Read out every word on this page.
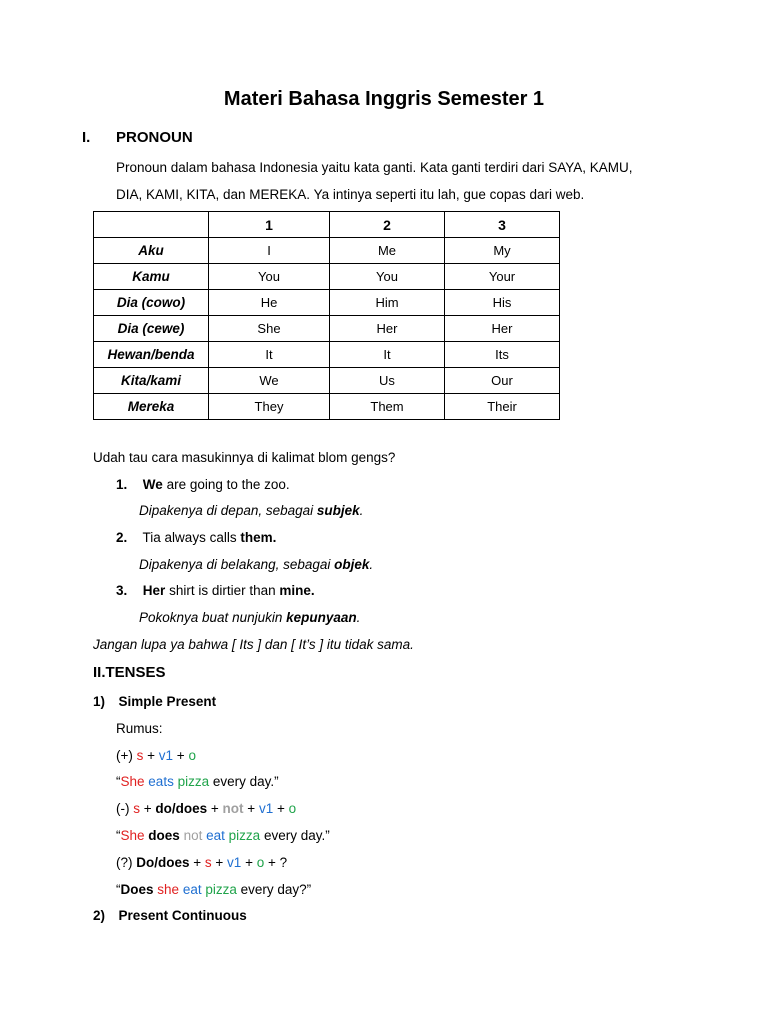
Materi Bahasa Inggris Semester 1
I. PRONOUN
Pronoun dalam bahasa Indonesia yaitu kata ganti. Kata ganti terdiri dari SAYA, KAMU,
DIA, KAMI, KITA, dan MEREKA. Ya intinya seperti itu lah, gue copas dari web.
	1	2	3
Aku	I	Me	My
Kamu	You	You	Your
Dia (cowo)	He	Him	His
Dia (cewe)	She	Her	Her
Hewan/benda	It	It	Its
Kita/kami	We	Us	Our
Mereka	They	Them	Their
Udah tau cara masukinnya di kalimat blom gengs?
1. We are going to the zoo.
Dipakenya di depan, sebagai subjek.
2. Tia always calls them.
Dipakenya di belakang, sebagai objek.
3. Her shirt is dirtier than mine.
Pokoknya buat nunjukin kepunyaan.
Jangan lupa ya bahwa [ Its ] dan [ It’s ] itu tidak sama.
II.TENSES
1) Simple Present
Rumus:
(+) s + v1 + o
“She eats pizza every day.”
(-) s + do/does + not + v1 + o
“She does not eat pizza every day.”
(?) Do/does + s + v1 + o + ?
“Does she eat pizza every day?”
2) Present Continuous
